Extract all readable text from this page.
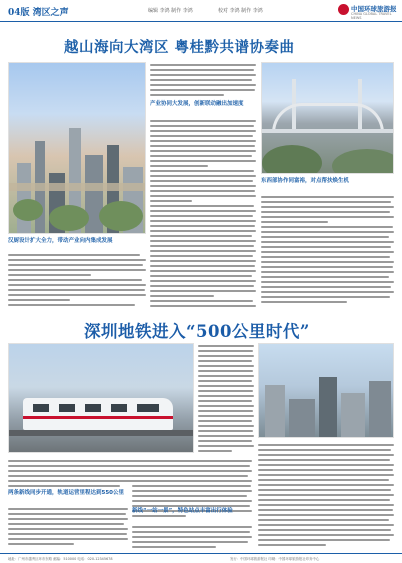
04版 湾区之声	编辑 李鸿 制作 李鸿	校对 李鸿 制作 李鸿	中国环球旅游报
CHINA GLOBAL TRAVEL NEWS
越山海向大湾区 粤桂黔共谱协奏曲
汉厨设计扩大全力，带动产业向内集成发展
产业协同大发展，创新联动融出加速度
东西部协作同富裕，对点帮扶焕生机
深圳地铁进入“500公里时代”
两条新线同步开通，轨道运营里程达到550公里
新线“一站一景”，特色站点丰富出行体验
地址：广州市越秀区环市东路 邮编：510000 电话：020-12345678	发行：中国环球旅游报社 印刷：中国环球旅游报社印务中心
